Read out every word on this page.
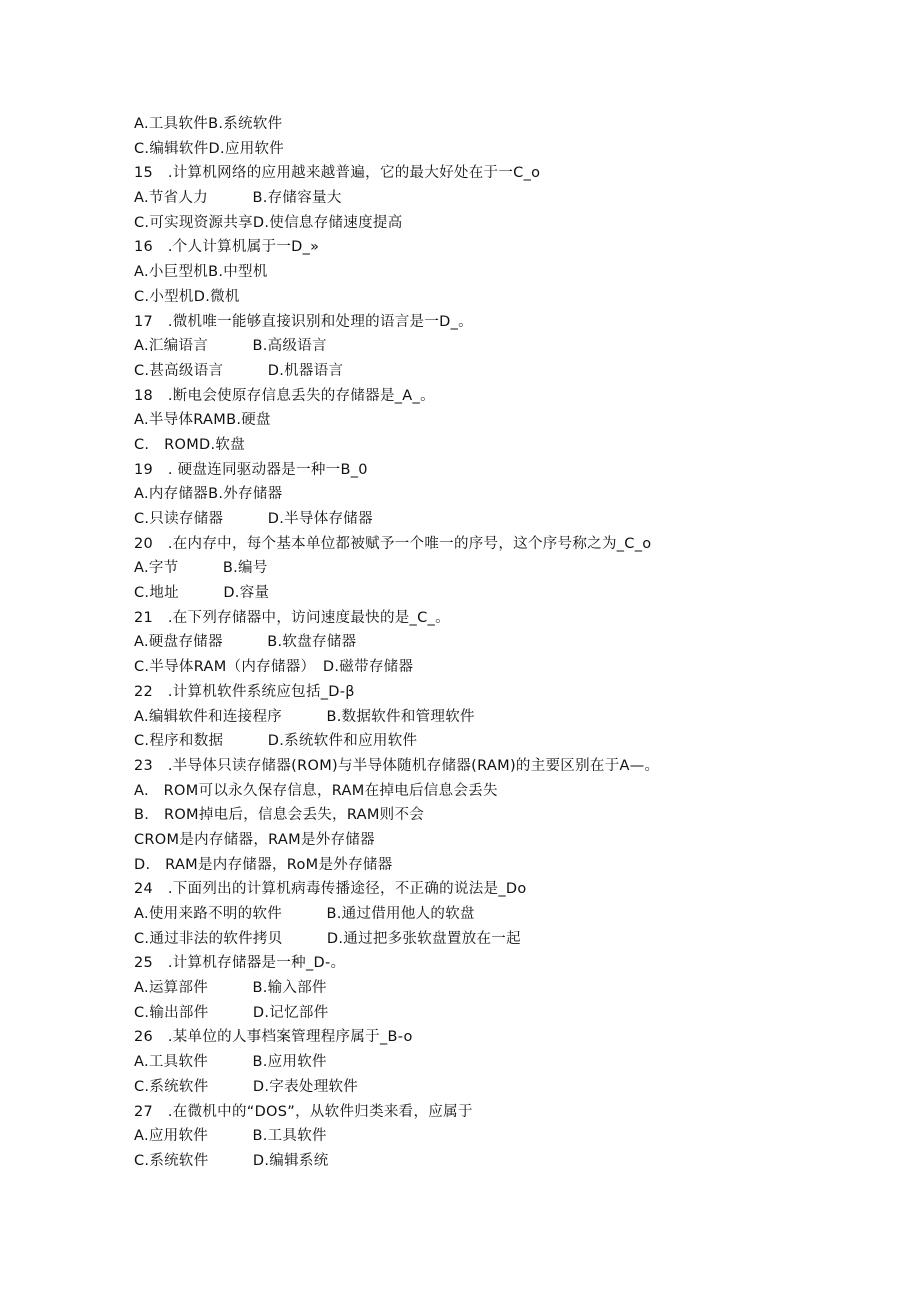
A.工具软件B.系统软件
C.编辑软件D.应用软件
15　.计算机网络的应用越来越普遍，它的最大好处在于一C_o
A.节省人力　　　B.存储容量大
C.可实现资源共享D.使信息存储速度提高
16　.个人计算机属于一D_»
A.小巨型机B.中型机
C.小型机D.微机
17　.微机唯一能够直接识别和处理的语言是一D_。
A.汇编语言　　　B.高级语言
C.甚高级语言　　　D.机器语言
18　.断电会使原存信息丢失的存储器是_A_。
A.半导体RAMB.硬盘
C.　ROMD.软盘
19　. 硬盘连同驱动器是一种一B_0
A.内存储器B.外存储器
C.只读存储器　　　D.半导体存储器
20　.在内存中，每个基本单位都被赋予一个唯一的序号，这个序号称之为_C_o
A.字节　　　B.编号
C.地址　　　D.容量
21　.在下列存储器中，访问速度最快的是_C_。
A.硬盘存储器　　　B.软盘存储器
C.半导体RAM（内存储器）　D.磁带存储器
22　.计算机软件系统应包括_D-β
A.编辑软件和连接程序　　　B.数据软件和管理软件
C.程序和数据　　　D.系统软件和应用软件
23　.半导体只读存储器(ROM)与半导体随机存储器(RAM)的主要区别在于A—。
A.　ROM可以永久保存信息，RAM在掉电后信息会丢失
B.　ROM掉电后，信息会丢失，RAM则不会
CROM是内存储器，RAM是外存储器
D.　RAM是内存储器，RoM是外存储器
24　.下面列出的计算机病毒传播途径，不正确的说法是_Do
A.使用来路不明的软件　　　B.通过借用他人的软盘
C.通过非法的软件拷贝　　　D.通过把多张软盘置放在一起
25　.计算机存储器是一种_D-。
A.运算部件　　　B.输入部件
C.输出部件　　　D.记忆部件
26　.某单位的人事档案管理程序属于_B-o
A.工具软件　　　B.应用软件
C.系统软件　　　D.字表处理软件
27　.在微机中的“DOS”，从软件归类来看，应属于
A.应用软件　　　B.工具软件
C.系统软件　　　D.编辑系统
